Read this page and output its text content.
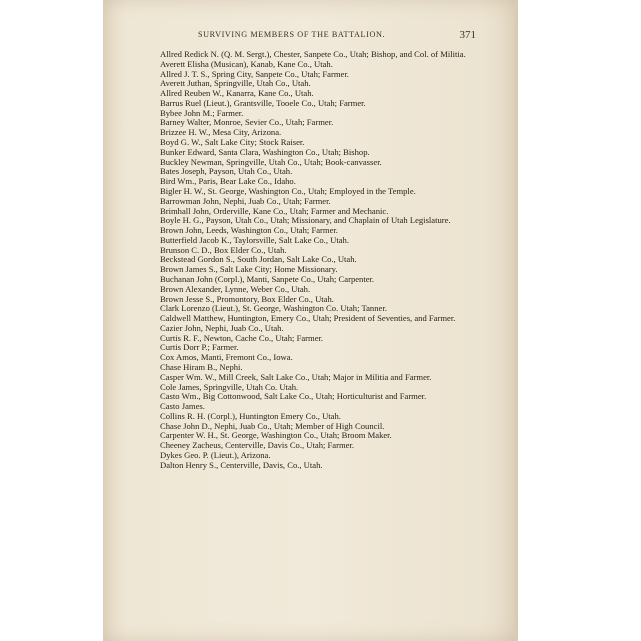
SURVIVING MEMBERS OF THE BATTALION.	371
Allred Redick N. (Q. M. Sergt.), Chester, Sanpete Co., Utah; Bishop, and Col. of Militia.
Averett Elisha (Musican), Kanab, Kane Co., Utah.
Allred J. T. S., Spring City, Sanpete Co., Utah; Farmer.
Averett Juthan, Springville, Utah Co., Utah.
Allred Reuben W., Kanarra, Kane Co., Utah.
Barrus Ruel (Lieut.), Grantsville, Tooele Co., Utah; Farmer.
Bybee John M.; Farmer.
Barney Walter, Monroe, Sevier Co., Utah; Farmer.
Brizzee H. W., Mesa City, Arizona.
Boyd G. W., Salt Lake City; Stock Raiser.
Bunker Edward, Santa Clara, Washington Co., Utah; Bishop.
Buckley Newman, Springville, Utah Co., Utah; Book-canvasser.
Bates Joseph, Payson, Utah Co., Utah.
Bird Wm., Paris, Bear Lake Co., Idaho.
Bigler H. W., St. George, Washington Co., Utah; Employed in the Temple.
Barrowman John, Nephi, Juab Co., Utah; Farmer.
Brimhall John, Orderville, Kane Co., Utah; Farmer and Mechanic.
Boyle H. G., Payson, Utah Co., Utah; Missionary, and Chaplain of Utah Legislature.
Brown John, Leeds, Washington Co., Utah; Farmer.
Butterfield Jacob K., Taylorsville, Salt Lake Co., Utah.
Brunson C. D., Box Elder Co., Utah.
Beckstead Gordon S., South Jordan, Salt Lake Co., Utah.
Brown James S., Salt Lake City; Home Missionary.
Buchanan John (Corpl.), Manti, Sanpete Co., Utah; Carpenter.
Brown Alexander, Lynne, Weber Co., Utah.
Brown Jesse S., Promontory, Box Elder Co., Utah.
Clark Lorenzo (Lieut.), St. George, Washington Co. Utah; Tanner.
Caldwell Matthew, Huntington, Emery Co., Utah; President of Seventies, and Farmer.
Cazier John, Nephi, Juab Co., Utah.
Curtis R. F., Newton, Cache Co., Utah; Farmer.
Curtis Dorr P.; Farmer.
Cox Amos, Manti, Fremont Co., Iowa.
Chase Hiram B., Nephi.
Casper Wm. W., Mill Creek, Salt Lake Co., Utah; Major in Militia and Farmer.
Cole James, Springville, Utah Co. Utah.
Casto Wm., Big Cottonwood, Salt Lake Co., Utah; Horticulturist and Farmer.
Casto James.
Collins R. H. (Corpl.), Huntington Emery Co., Utah.
Chase John D., Nephi, Juab Co., Utah; Member of High Council.
Carpenter W. H., St. George, Washington Co., Utah; Broom Maker.
Cheeney Zacheus, Centerville, Davis Co., Utah; Farmer.
Dykes Geo. P. (Lieut.), Arizona.
Dalton Henry S., Centerville, Davis, Co., Utah.
